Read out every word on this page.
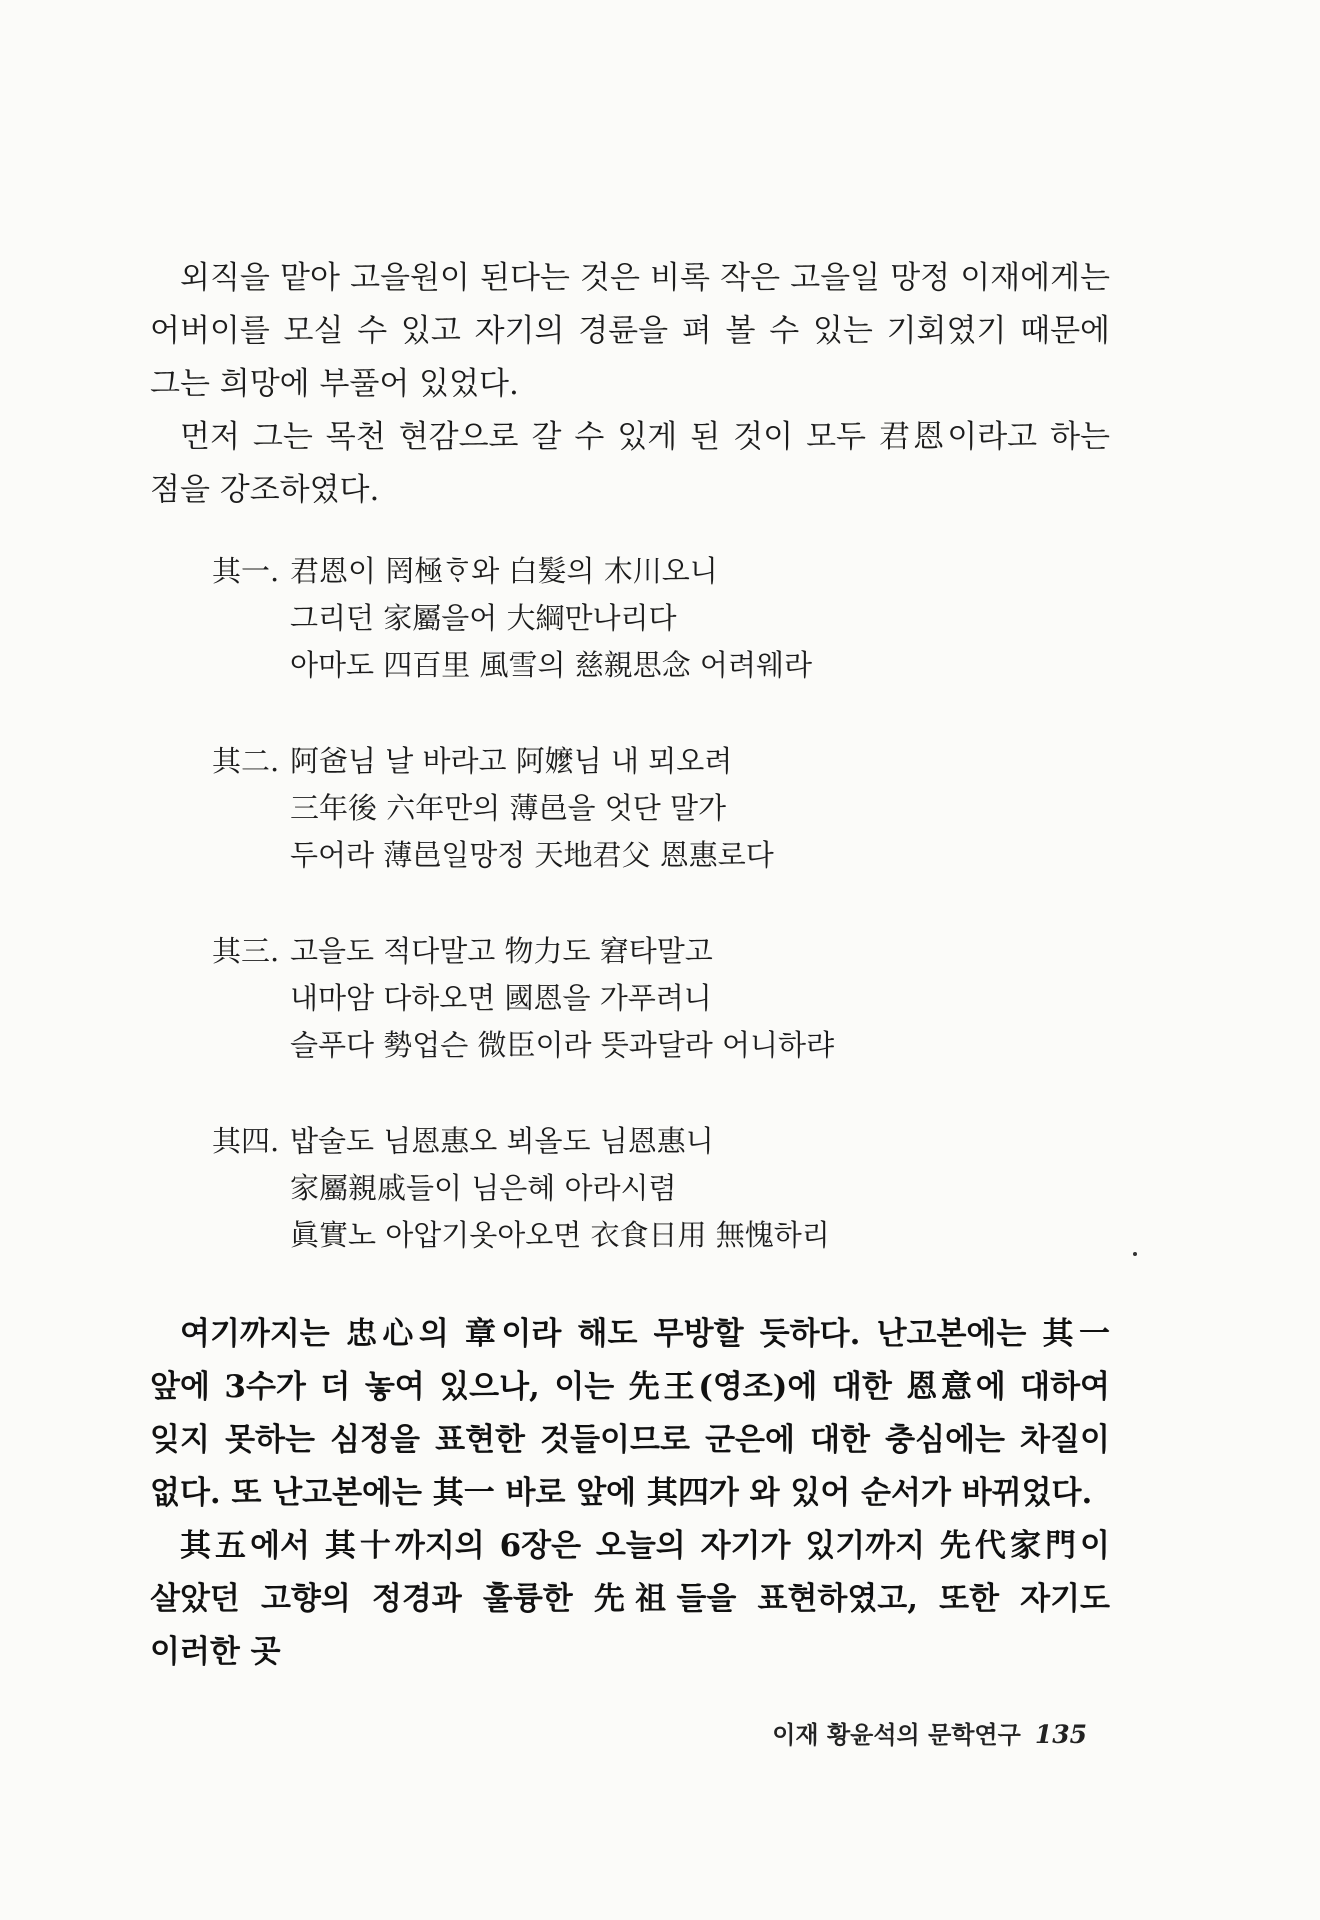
외직을 맡아 고을원이 된다는 것은 비록 작은 고을일 망정 이재에게는 어버이를 모실 수 있고 자기의 경륜을 펴 볼 수 있는 기회였기 때문에 그는 희망에 부풀어 있었다.

먼저 그는 목천 현감으로 갈 수 있게 된 것이 모두 君恩이라고 하는 점을 강조하였다.

其一. 君恩이 罔極ᄒᆞ와 白髮의 木川오니
그리던 家屬을어 大綱만나리다
아마도 四百里 風雪의 慈親思念 어려웨라
其二. 阿爸님 날 바라고 阿嬤님 내 뫼오려
三年後 六年만의 薄邑을 엇단 말가
두어라 薄邑일망정 天地君父 恩惠로다
其三. 고을도 적다말고 物力도 窘타말고
내마암 다하오면 國恩을 가푸려니
슬푸다 勢업슨 微臣이라 뜻과달라 어니하랴
其四. 밥술도 님恩惠오 뵈올도 님恩惠니
家屬親戚들이 님은혜 아라시렴
眞實노 아압기옷아오면 衣食日用 無愧하리

여기까지는 忠心의 章이라 해도 무방할 듯하다. 난고본에는 其一 앞에 3수가 더 놓여 있으나, 이는 先王(영조)에 대한 恩意에 대하여 잊지 못하는 심정을 표현한 것들이므로 군은에 대한 충심에는 차질이 없다. 또 난고본에는 其一 바로 앞에 其四가 와 있어 순서가 바뀌었다.

其五에서 其十까지의 6장은 오늘의 자기가 있기까지 先代家門이 살았던 고향의 정경과 훌륭한 先祖들을 표현하였고, 또한 자기도 이러한 곳

이재 황윤석의 문학연구 135
